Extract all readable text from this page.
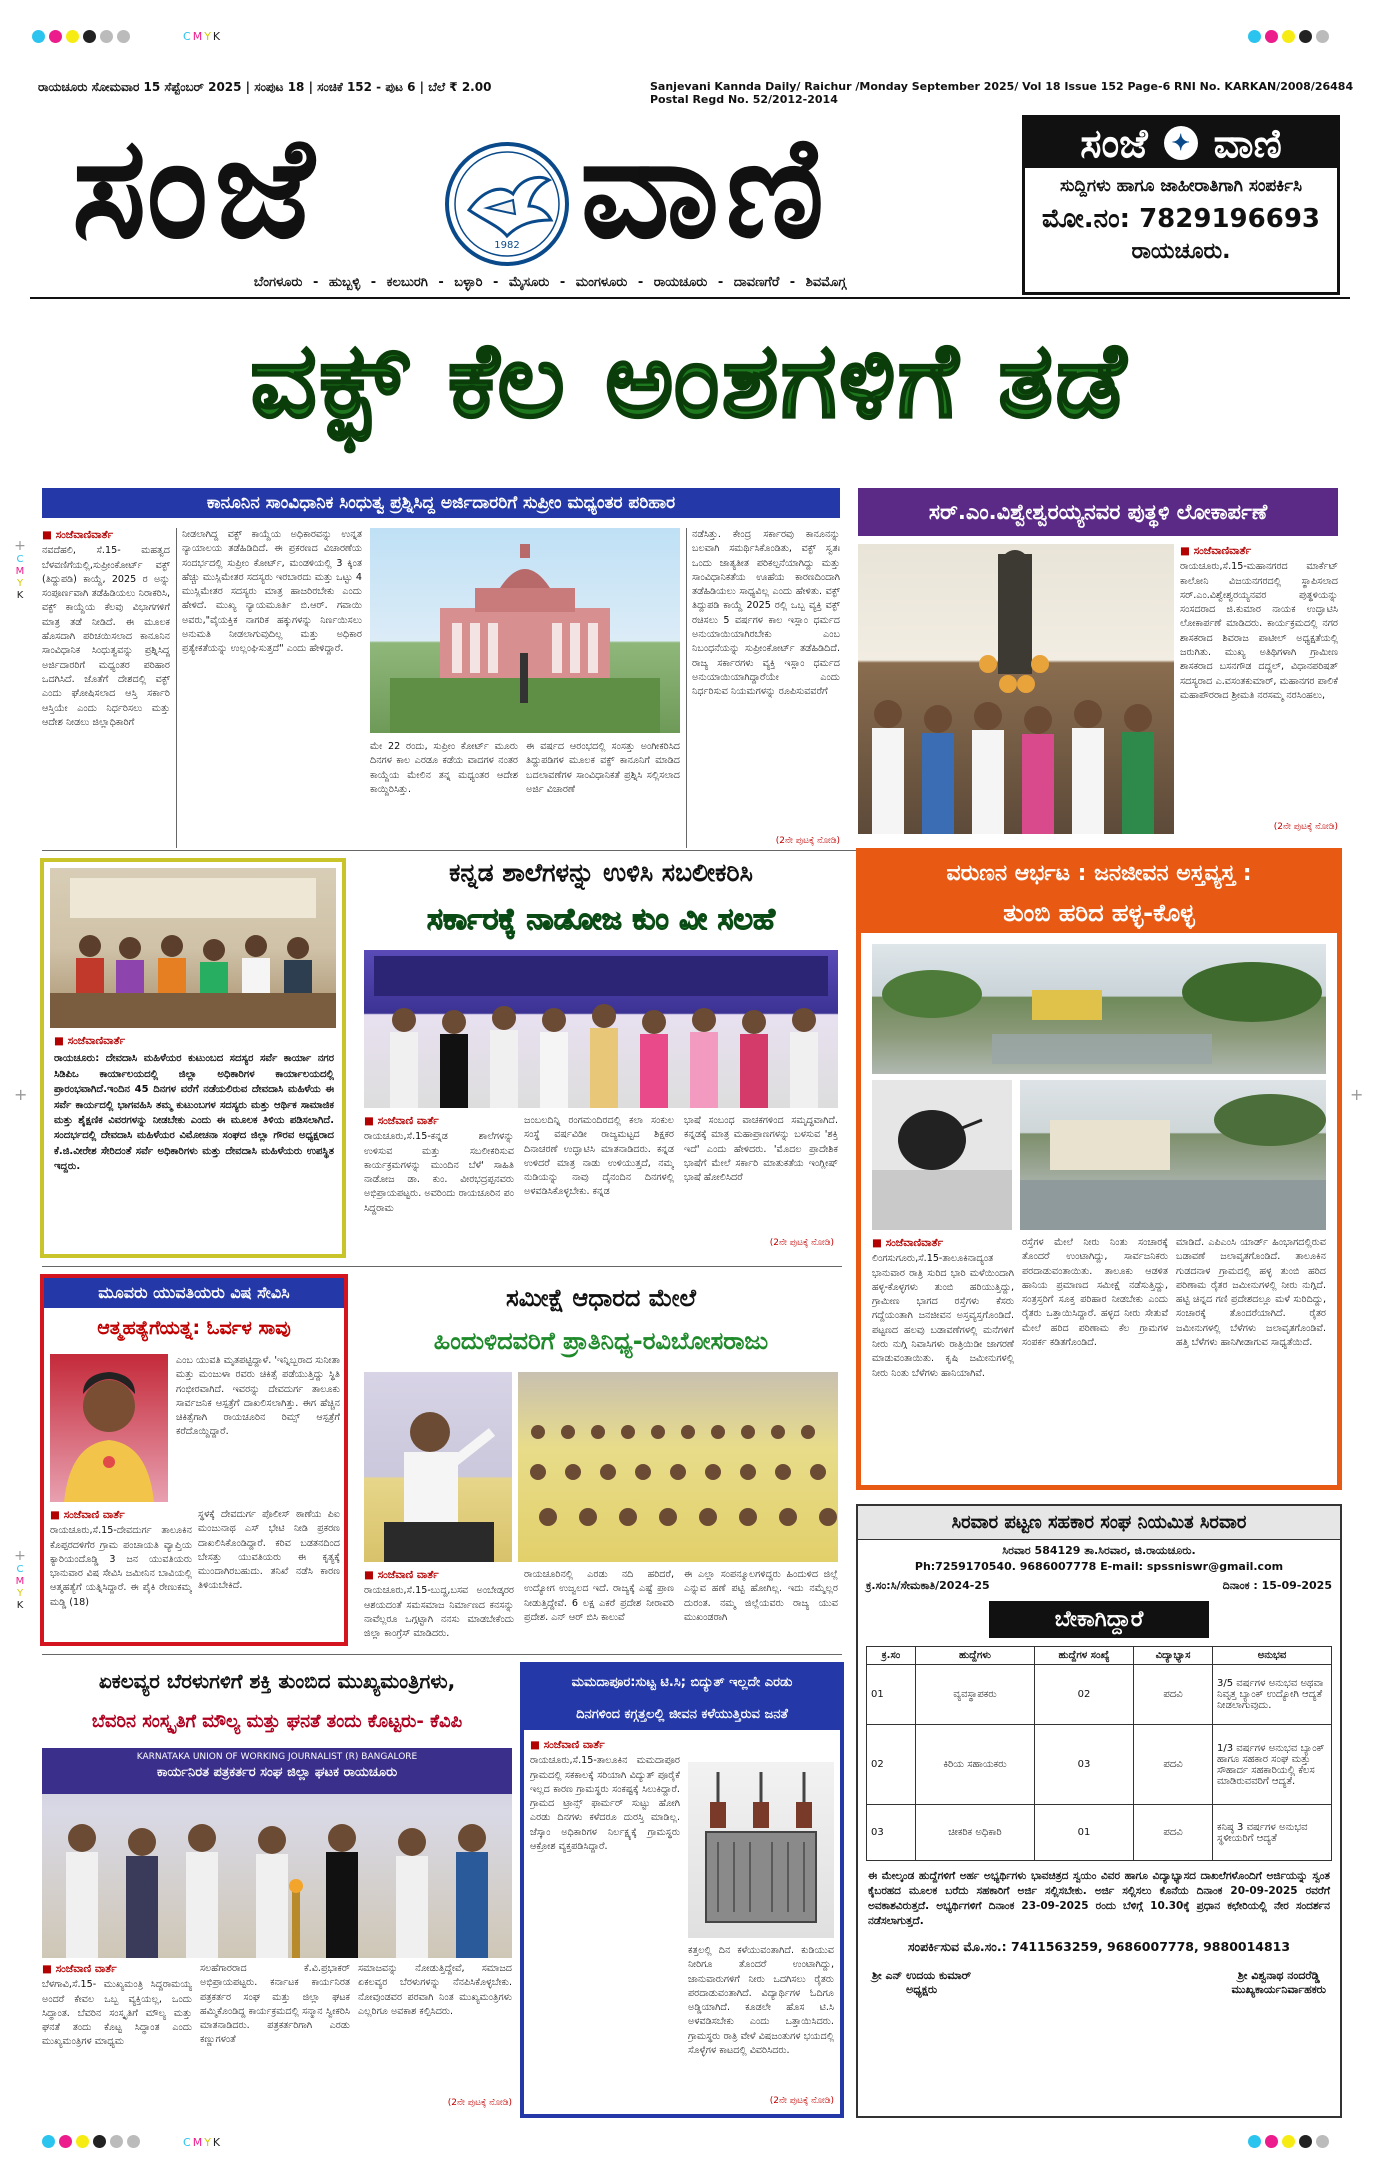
CMYK
CMYK
+
C
M
Y
K
+
C
M
Y
K
+	+
ರಾಯಚೂರು ಸೋಮವಾರ 15 ಸೆಪ್ಟೆಂಬರ್ 2025 | ಸಂಪುಟ 18 | ಸಂಚಿಕೆ 152 - ಪುಟ 6 | ಬೆಲೆ ₹ 2.00	Sanjevani Kannda Daily/ Raichur /Monday September 2025/ Vol 18 Issue 152 Page-6 RNI No. KARKAN/2008/26484 Postal Regd No. 52/2012-2014
ಸಂಜೆ	1982 ವಾಣಿ	ಸಂಜೆ	✦ ವಾಣಿ
ಸುದ್ದಿಗಳು ಹಾಗೂ ಜಾಹೀರಾತಿಗಾಗಿ ಸಂಪರ್ಕಿಸಿ
ಮೋ.ನಂ: 7829196693
ರಾಯಚೂರು.
ಬೆಂಗಳೂರು - ಹುಬ್ಬಳ್ಳಿ - ಕಲಬುರಗಿ - ಬಳ್ಳಾರಿ - ಮೈಸೂರು - ಮಂಗಳೂರು - ರಾಯಚೂರು - ದಾವಣಗೆರೆ - ಶಿವಮೊಗ್ಗ
ವಕ್ಫ್ ಕೆಲ ಅಂಶಗಳಿಗೆ ತಡೆ
ಕಾನೂನಿನ ಸಾಂವಿಧಾನಿಕ ಸಿಂಧುತ್ವ ಪ್ರಶ್ನಿಸಿದ್ದ ಅರ್ಜಿದಾರರಿಗೆ ಸುಪ್ರೀಂ ಮಧ್ಯಂತರ ಪರಿಹಾರ
■ ಸಂಜೆವಾಣಿವಾರ್ತೆ
ನವದೆಹಲಿ, ಸೆ.15- ಮಹತ್ವದ ಬೆಳವಣಿಗೆಯಲ್ಲಿ,ಸುಪ್ರೀಂಕೋರ್ಟ್ ವಕ್ಫ್ (ತಿದ್ದುಪಡಿ) ಕಾಯ್ದೆ, 2025 ರ ಅನ್ನು ಸಂಪೂರ್ಣವಾಗಿ ತಡೆಹಿಡಿಯಲು ನಿರಾಕರಿಸಿ, ವಕ್ಫ್ ಕಾಯ್ದೆಯ ಕೆಲವು ವಿಭಾಗಗಳಿಗೆ ಮಾತ್ರ ತಡೆ ನೀಡಿದೆ. ಈ ಮೂಲಕ ಹೊಸದಾಗಿ ಪರಿಚಯಿಸಲಾದ ಕಾನೂನಿನ ಸಾಂವಿಧಾನಿಕ ಸಿಂಧುತ್ವವನ್ನು ಪ್ರಶ್ನಿಸಿದ್ದ ಅರ್ಜಿದಾರರಿಗೆ ಮಧ್ಯಂತರ ಪರಿಹಾರ ಒದಗಿಸಿದೆ. ಜೊತೆಗೆ ದೇಶದಲ್ಲಿ ವಕ್ಫ್ ಎಂದು ಘೋಷಿಸಲಾದ ಆಸ್ತಿ ಸರ್ಕಾರಿ ಆಸ್ತಿಯೇ ಎಂದು ನಿರ್ಧರಿಸಲು ಮತ್ತು ಆದೇಶ ನೀಡಲು ಜಿಲ್ಲಾಧಿಕಾರಿಗೆ
ನೀಡಲಾಗಿದ್ದ ವಕ್ಫ್ ಕಾಯ್ದೆಯ ಅಧಿಕಾರವನ್ನು ಉನ್ನತ ನ್ಯಾಯಾಲಯ ತಡೆಹಿಡಿದಿದೆ. ಈ ಪ್ರಕರಣದ ವಿಚಾರಣೆಯ ಸಂದರ್ಭದಲ್ಲಿ ಸುಪ್ರೀಂ ಕೋರ್ಟ್, ಮಂಡಳಿಯಲ್ಲಿ 3 ಕ್ಕಿಂತ ಹೆಚ್ಚು ಮುಸ್ಲಿಮೇತರ ಸದಸ್ಯರು ಇರಬಾರದು ಮತ್ತು ಒಟ್ಟು 4 ಮುಸ್ಲಿಮೇತರ ಸದಸ್ಯರು ಮಾತ್ರ ಹಾಜರಿರಬೇಕು ಎಂದು ಹೇಳಿದೆ. ಮುಖ್ಯ ನ್ಯಾಯಮೂರ್ತಿ ಬಿ.ಆರ್. ಗವಾಯಿ ಅವರು,"ವೈಯಕ್ತಿಕ ನಾಗರಿಕ ಹಕ್ಕುಗಳನ್ನು ನಿರ್ಣಯಿಸಲು ಅನುಮತಿ ನೀಡಲಾಗುವುದಿಲ್ಲ ಮತ್ತು ಅಧಿಕಾರ ಪ್ರತ್ಯೇಕತೆಯನ್ನು ಉಲ್ಲಂಘಿಸುತ್ತದೆ" ಎಂದು ಹೇಳಿದ್ದಾರೆ.
ಮೇ 22 ರಂದು, ಸುಪ್ರೀಂ ಕೋರ್ಟ್ ಮೂರು ದಿನಗಳ ಕಾಲ ಎರಡೂ ಕಡೆಯ ವಾದಗಳ ನಂತರ ಕಾಯ್ದೆಯ ಮೇಲಿನ ತನ್ನ ಮಧ್ಯಂತರ ಆದೇಶ ಕಾಯ್ದಿರಿಸಿತ್ತು.
ಈ ವರ್ಷದ ಆರಂಭದಲ್ಲಿ ಸಂಸತ್ತು ಅಂಗೀಕರಿಸಿದ ತಿದ್ದುಪಡಿಗಳ ಮೂಲಕ ವಕ್ಫ್ ಕಾನೂನಿಗೆ ಮಾಡಿದ ಬದಲಾವಣೆಗಳ ಸಾಂವಿಧಾನಿಕತೆ ಪ್ರಶ್ನಿಸಿ ಸಲ್ಲಿಸಲಾದ ಅರ್ಜಿ ವಿಚಾರಣೆ
ನಡೆಸಿತ್ತು. ಕೇಂದ್ರ ಸರ್ಕಾರವು ಕಾನೂನನ್ನು ಬಲವಾಗಿ ಸಮರ್ಥಿಸಿಕೊಂಡಿತು, ವಕ್ಫ್ ಸ್ವತಃ ಒಂದು ಜಾತ್ಯತೀತ ಪರಿಕಲ್ಪನೆಯಾಗಿದ್ದು ಮತ್ತು ಸಾಂವಿಧಾನಿಕತೆಯ ಊಹೆಯ ಕಾರಣದಿಂದಾಗಿ ತಡೆಹಿಡಿಯಲು ಸಾಧ್ಯವಿಲ್ಲ ಎಂದು ಹೇಳಿತು. ವಕ್ಫ್ ತಿದ್ದುಪಡಿ ಕಾಯ್ದೆ 2025 ರಲ್ಲಿ ಒಬ್ಬ ವ್ಯಕ್ತಿ ವಕ್ಫ್ ರಚಿಸಲು 5 ವರ್ಷಗಳ ಕಾಲ ಇಸ್ಲಾಂ ಧರ್ಮದ ಅನುಯಾಯಿಯಾಗಿರಬೇಕು ಎಂಬ ನಿಬಂಧನೆಯನ್ನು ಸುಪ್ರೀಂಕೋರ್ಟ್ ತಡೆಹಿಡಿದಿದೆ. ರಾಜ್ಯ ಸರ್ಕಾರಗಳು ವ್ಯಕ್ತಿ ಇಸ್ಲಾಂ ಧರ್ಮದ ಅನುಯಾಯಿಯಾಗಿದ್ದಾರೆಯೇ ಎಂದು ನಿರ್ಧರಿಸುವ ನಿಯಮಗಳನ್ನು ರೂಪಿಸುವವರೆಗೆ
(2ನೇ ಪುಟಕ್ಕೆ ನೋಡಿ)
ಸರ್.ಎಂ.ವಿಶ್ವೇಶ್ವರಯ್ಯನವರ ಪುತ್ಥಳಿ ಲೋಕಾರ್ಪಣೆ
■ ಸಂಜೆವಾಣಿವಾರ್ತೆ
ರಾಯಚೂರು,ಸೆ.15-ಮಹಾನಗರದ ಮಾರ್ಕೆಟ್ ಕಾಲೋನಿ ವಿಜಯನಗರದಲ್ಲಿ ಸ್ಥಾಪಿಸಲಾದ ಸರ್.ಎಂ.ವಿಶ್ವೇಶ್ವರಯ್ಯನವರ ಪುತ್ಥಳಿಯನ್ನು ಸಂಸದರಾದ ಜಿ.ಕುಮಾರ ನಾಯಕ ಉದ್ಘಾಟಿಸಿ ಲೋಕಾರ್ಪಣೆ ಮಾಡಿದರು. ಕಾರ್ಯಕ್ರಮದಲ್ಲಿ ನಗರ ಶಾಸಕರಾದ ಶಿವರಾಜ ಪಾಟೀಲ್ ಅಧ್ಯಕ್ಷತೆಯಲ್ಲಿ ಜರುಗಿತು. ಮುಖ್ಯ ಅತಿಥಿಗಳಾಗಿ ಗ್ರಾಮೀಣ ಶಾಸಕರಾದ ಬಸನಗೌಡ ದದ್ದಲ್, ವಿಧಾನಪರಿಷತ್ ಸದಸ್ಯರಾದ ಎ.ವಸಂತಕುಮಾರ್, ಮಹಾನಗರ ಪಾಲಿಕೆ ಮಹಾಪೌರರಾದ ಶ್ರೀಮತಿ ನರಸಮ್ಮ ನರಸಿಂಹಲು,
(2ನೇ ಪುಟಕ್ಕೆ ನೋಡಿ)
■ ಸಂಜೆವಾಣಿವಾರ್ತೆ
ರಾಯಚೂರು: ದೇವದಾಸಿ ಮಹಿಳೆಯರ ಕುಟುಂಬದ ಸದಸ್ಯರ ಸರ್ವೆ ಕಾರ್ಯಾ ನಗರ ಸಿಡಿಪಿಒ ಕಾರ್ಯಾಲಯದಲ್ಲಿ ಜಿಲ್ಲಾ ಅಧಿಕಾರಿಗಳ ಕಾರ್ಯಾಲಯದಲ್ಲಿ ಪ್ರಾರಂಭವಾಗಿದೆ.ಇಂದಿನ 45 ದಿನಗಳ ವರೆಗೆ ನಡೆಯಲಿರುವ ದೇವದಾಸಿ ಮಹಿಳೆಯ ಈ ಸರ್ವೆ ಕಾರ್ಯದಲ್ಲಿ ಭಾಗವಹಿಸಿ ತಮ್ಮ ಕುಟುಂಬಗಳ ಸದಸ್ಯರು ಮತ್ತು ಆರ್ಥಿಕ ಸಾಮಾಜಿಕ ಮತ್ತು ಶೈಕ್ಷಣಿಕ ವಿವರಗಳನ್ನು ನೀಡಬೇಕು ಎಂದು ಈ ಮೂಲಕ ತಿಳಿಯ ಪಡಿಸಲಾಗಿದೆ. ಸಂದರ್ಭದಲ್ಲಿ ದೇವದಾಸಿ ಮಹಿಳೆಯರ ವಿಮೋಚನಾ ಸಂಘದ ಜಿಲ್ಲಾ ಗೌರವ ಅಧ್ಯಕ್ಷರಾದ ಕೆ.ಜಿ.ವೀರೇಶ ಸೇರಿದಂತೆ ಸರ್ವೆ ಅಧಿಕಾರಿಗಳು ಮತ್ತು ದೇವದಾಸಿ ಮಹಿಳೆಯರು ಉಪಸ್ಥಿತ ಇದ್ದರು.
ಕನ್ನಡ ಶಾಲೆಗಳನ್ನು ಉಳಿಸಿ ಸಬಲೀಕರಿಸಿ
ಸರ್ಕಾರಕ್ಕೆ ನಾಡೋಜ ಕುಂ ವೀ ಸಲಹೆ
■ ಸಂಜೆವಾಣಿ ವಾರ್ತೆ
ರಾಯಚೂರು,ಸೆ.15-ಕನ್ನಡ ಶಾಲೆಗಳನ್ನು ಉಳಿಸುವ ಮತ್ತು ಸಬಲೀಕರಿಸುವ ಕಾರ್ಯಕ್ರಮಗಳನ್ನು ಮುಂದಿನ ಬೆಳೆ' ಸಾಹಿತಿ ನಾಡೋಜ ಡಾ. ಕುಂ. ವೀರಭದ್ರಪ್ಪನವರು ಅಭಿಪ್ರಾಯಪಟ್ಟರು. ಅವರಿಂದು ರಾಯಚೂರಿನ ಪಂ ಸಿದ್ದರಾಮ
ಜಂಬಲದಿನ್ನಿ ರಂಗಮಂದಿರದಲ್ಲಿ ಕಲಾ ಸಂಕುಲ ಸಂಸ್ಥೆ ವರ್ಷವಿಡೀ ರಾಜ್ಯಮಟ್ಟದ ಶಿಕ್ಷಕರ ದಿನಾಚರಣೆ ಉದ್ಘಾಟಿಸಿ ಮಾತನಾಡಿದರು. ಕನ್ನಡ ಉಳಿದರೆ ಮಾತ್ರ ನಾಡು ಉಳಿಯುತ್ತದೆ, ನಮ್ಮ ನುಡಿಯನ್ನು ನಾವು ದೈನಂದಿನ ದಿನಗಳಲ್ಲಿ ಅಳವಡಿಸಿಕೊಳ್ಳಬೇಕು. ಕನ್ನಡ
ಭಾಷೆ ಸಂಬಂಧ ವಾಚಕಗಳಿಂದ ಸಮೃದ್ಧವಾಗಿದೆ. ಕನ್ನಡಕ್ಕೆ ಮಾತ್ರ ಮಹಾಪ್ರಾಣಗಳನ್ನು ಬಳಸುವ 'ಶಕ್ತಿ ಇದೆ' ಎಂದು ಹೇಳಿದರು. 'ಮೊದಲ ಪ್ರಾದೇಶಿಕ ಭಾಷೆಗೆ ಮೇಲೆ ಸರ್ಕಾರಿ ಮಾತುಕತೆಯ ಇಂಗ್ಲೀಷ್ ಭಾಷೆ ಹೋಲಿಸಿದರೆ
(2ನೇ ಪುಟಕ್ಕೆ ನೋಡಿ)
ವರುಣನ ಆರ್ಭಟ : ಜನಜೀವನ ಅಸ್ತವ್ಯಸ್ತ :
ತುಂಬಿ ಹರಿದ ಹಳ್ಳ-ಕೊಳ್ಳ
■ ಸಂಜೆವಾಣಿವಾರ್ತೆ
ಲಿಂಗಸುಗೂರು,ಸೆ.15-ತಾಲೂಕಿನಾದ್ಯಂತ ಭಾನುವಾರ ರಾತ್ರಿ ಸುರಿದ ಭಾರಿ ಮಳೆಯಿಂದಾಗಿ ಹಳ್ಳ-ಕೊಳ್ಳಗಳು ತುಂಬಿ ಹರಿಯುತ್ತಿದ್ದು, ಗ್ರಾಮೀಣ ಭಾಗದ ರಸ್ತೆಗಳು ಕೆಸರು ಗದ್ದೆಯಂತಾಗಿ ಜನಜೀವನ ಅಸ್ತವ್ಯಸ್ತಗೊಂಡಿದೆ. ಪಟ್ಟಣದ ಹಲವು ಬಡಾವಣೆಗಳಲ್ಲಿ ಮನೆಗಳಿಗೆ ನೀರು ನುಗ್ಗಿ ನಿವಾಸಿಗಳು ರಾತ್ರಿಯಿಡೀ ಜಾಗರಣೆ ಮಾಡುವಂತಾಯಿತು. ಕೃಷಿ ಜಮೀನುಗಳಲ್ಲಿ ನೀರು ನಿಂತು ಬೆಳೆಗಳು ಹಾನಿಯಾಗಿವೆ.
ರಸ್ತೆಗಳ ಮೇಲೆ ನೀರು ನಿಂತು ಸಂಚಾರಕ್ಕೆ ತೊಂದರೆ ಉಂಟಾಗಿದ್ದು, ಸಾರ್ವಜನಿಕರು ಪರದಾಡುವಂತಾಯಿತು. ತಾಲೂಕು ಆಡಳಿತ ಹಾನಿಯ ಪ್ರಮಾಣದ ಸಮೀಕ್ಷೆ ನಡೆಸುತ್ತಿದ್ದು, ಸಂತ್ರಸ್ತರಿಗೆ ಸೂಕ್ತ ಪರಿಹಾರ ನೀಡಬೇಕು ಎಂದು ರೈತರು ಒತ್ತಾಯಿಸಿದ್ದಾರೆ. ಹಳ್ಳದ ನೀರು ಸೇತುವೆ ಮೇಲೆ ಹರಿದ ಪರಿಣಾಮ ಕೆಲ ಗ್ರಾಮಗಳ ಸಂಪರ್ಕ ಕಡಿತಗೊಂಡಿದೆ.
ಮಾಡಿದೆ. ಎಪಿಎಂಸಿ ಯಾರ್ಡ್ ಹಿಂಭಾಗದಲ್ಲಿರುವ ಬಡಾವಣೆ ಜಲಾವೃತಗೊಂಡಿದೆ. ತಾಲೂಕಿನ ಗುಡದನಾಳ ಗ್ರಾಮದಲ್ಲಿ ಹಳ್ಳ ತುಂಬಿ ಹರಿದ ಪರಿಣಾಮ ರೈತರ ಜಮೀನುಗಳಲ್ಲಿ ನೀರು ನುಗ್ಗಿದೆ. ಹಟ್ಟಿ ಚಿನ್ನದ ಗಣಿ ಪ್ರದೇಶದಲ್ಲೂ ಮಳೆ ಸುರಿದಿದ್ದು, ಸಂಚಾರಕ್ಕೆ ತೊಂದರೆಯಾಗಿದೆ. ರೈತರ ಜಮೀನುಗಳಲ್ಲಿ ಬೆಳೆಗಳು ಜಲಾವೃತಗೊಂಡಿವೆ. ಹತ್ತಿ ಬೆಳೆಗಳು ಹಾನಿಗೀಡಾಗುವ ಸಾಧ್ಯತೆಯಿದೆ.
ಮೂವರು ಯುವತಿಯರು ವಿಷ ಸೇವಿಸಿ
ಆತ್ಮಹತ್ಯೆಗೆಯತ್ನ: ಓರ್ವಳ ಸಾವು
ಎಂಬ ಯುವತಿ ಮೃತಪಟ್ಟಿದ್ದಾಳೆ. 'ಇನ್ನಿಬ್ಬರಾದ ಸುನೀತಾ ಮತ್ತು ಮಂಜುಳಾ ರವರು ಚಿಕಿತ್ಸೆ ಪಡೆಯುತ್ತಿದ್ದು ಸ್ಥಿತಿ ಗಂಭೀರವಾಗಿದೆ. ಇವರನ್ನು ದೇವದುರ್ಗ ತಾಲೂಕು ಸಾರ್ವಜನಿಕ ಆಸ್ಪತ್ರೆಗೆ ದಾಖಲಿಸಲಾಗಿತ್ತು. ಈಗ ಹೆಚ್ಚಿನ ಚಿಕಿತ್ಸೆಗಾಗಿ ರಾಯಚೂರಿನ ರಿಮ್ಸ್ ಆಸ್ಪತ್ರೆಗೆ ಕರೆದೊಯ್ದಿದ್ದಾರೆ.
■ ಸಂಜೆವಾಣಿ ವಾರ್ತೆ
ರಾಯಚೂರು,ಸೆ.15-ದೇವದುರ್ಗ ತಾಲೂಕಿನ ಕೊಪ್ಪರದಳಿಗೆರ ಗ್ರಾಮ ಪಂಚಾಯತಿ ವ್ಯಾಪ್ತಿಯ ಕ್ಯಾರಿಯಂದೊಡ್ಡಿ 3 ಜನ ಯುವತಿಯರು ಭಾನುವಾರ ವಿಷ ಸೇವಿಸಿ ಜಮೀನಿನ ಬಾವಿಯಲ್ಲಿ ಆತ್ಮಹತ್ಯೆಗೆ ಯತ್ನಿಸಿದ್ದಾರೆ. ಈ ಪೈಕಿ ರೇಣುಕಮ್ಮ ಮಡ್ಡಿ (18)
ಸ್ಥಳಕ್ಕೆ ದೇವದುರ್ಗ ಪೊಲೀಸ್ ಠಾಣೆಯ ಪಿಐ ಮಂಜುನಾಥ ಎಸ್ ಭೇಟಿ ನೀಡಿ ಪ್ರಕರಣ ದಾಖಲಿಸಿಕೊಂಡಿದ್ದಾರೆ. ಕರಿವ ಬಡತನದಿಂದ ಬೇಸತ್ತು ಯುವತಿಯರು ಈ ಕೃತ್ಯಕ್ಕೆ ಮುಂದಾಗಿರಬಹುದು. ತನಿಖೆ ನಡೆಸಿ ಕಾರಣ ತಿಳಿಯಬೇಕಿದೆ.
ಸಮೀಕ್ಷೆ ಆಧಾರದ ಮೇಲೆ
ಹಿಂದುಳಿದವರಿಗೆ ಪ್ರಾತಿನಿಧ್ಯ-ರವಿಬೋಸರಾಜು
■ ಸಂಜೆವಾಣಿ ವಾರ್ತೆ
ರಾಯಚೂರು,ಸೆ.15-ಬುದ್ದ,ಬಸವ ಅಂಬೇಡ್ಕರರ ಆಶಯದಂತೆ ಸಮಸಮಾಜ ನಿರ್ಮಾಣದ ಕನಸನ್ನು ನಾವೆಲ್ಲರೂ ಒಗ್ಗಟ್ಟಾಗಿ ನನಸು ಮಾಡಬೇಕೆಂದು ಜಿಲ್ಲಾ ಕಾಂಗ್ರೆಸ್ ಮಾಡಿದರು.
ರಾಯಚೂರಿನಲ್ಲಿ ಎರಡು ನದಿ ಹರಿದರೆ, ಉದ್ಯೋಗ ಉಜ್ವಲದ ಇದೆ. ರಾಜ್ಯಕ್ಕೆ ಎಷ್ಟೆ ಪ್ರಾಣ ನೀಡುತ್ತಿದ್ದೇವೆ. 6 ಲಕ್ಷ ಎಕರೆ ಪ್ರದೇಶ ನೀರಾವರಿ ಪ್ರದೇಶ. ಎನ್ ಆರ್ ಬಿಸಿ ಕಾಲುವೆ
ಈ ಎಲ್ಲಾ ಸಂಪನ್ಮೂಲಗಳಿದ್ದರು ಹಿಂದುಳಿದ ಜಿಲ್ಲೆ ಎನ್ನುವ ಹಣೆ ಪಟ್ಟಿ ಹೋಗಿಲ್ಲ. ಇದು ನಮ್ಮೆಲ್ಲರ ದುರಂತ. ನಮ್ಮ ಜಿಲ್ಲೆಯವರು ರಾಜ್ಯ ಯುವ ಮುಖಂಡರಾಗಿ
ಸಿರವಾರ ಪಟ್ಟಣ ಸಹಕಾರ ಸಂಘ ನಿಯಮಿತ ಸಿರವಾರ
ಸಿರವಾರ 584129 ತಾ.ಸಿರವಾರ, ಜಿ.ರಾಯಚೂರು.
Ph:7259170540. 9686007778 E-mail: spssniswr@gmail.com
ಕ್ರ.ಸಂ:ಸಿ/ಸೇಮಕಾತಿ/2024-25	ದಿನಾಂಕ : 15-09-2025
ಬೇಕಾಗಿದ್ದಾರೆ
ಕ್ರ.ಸಂ	ಹುದ್ದೆಗಳು	ಹುದ್ದೆಗಳ ಸಂಖ್ಯೆ	ವಿದ್ಯಾಭ್ಯಾಸ	ಅನುಭವ
01	ವ್ಯವಸ್ಥಾಪಕರು	02	ಪದವಿ	3/5 ವರ್ಷಗಳ ಅನುಭವ ಅಥವಾ ನಿವೃತ್ತ ಬ್ಯಾಂಕ್ ಉದ್ಯೋಗಿ ಆದ್ಯತೆ ನೀಡಲಾಗುವುದು.
02	ಕಿರಿಯ ಸಹಾಯಕರು	03	ಪದವಿ	1/3 ವರ್ಷಗಳ ಅನುಭವ ಬ್ಯಾಂಕ್ ಹಾಗೂ ಸಹಕಾರ ಸಂಘ ಮತ್ತು ಸೌಹಾರ್ದ ಸಹಕಾರಿಯಲ್ಲಿ ಕೆಲಸ ಮಾಡಿರುವವರಿಗೆ ಆದ್ಯತೆ.
03	ಚೀಕರಿಕ ಅಧಿಕಾರಿ	01	ಪದವಿ	ಕನಿಷ್ಠ 3 ವರ್ಷಗಳ ಅನುಭವ ಸ್ಥಳೀಯರಿಗೆ ಆದ್ಯತೆ
ಈ ಮೇಲ್ಕಂಡ ಹುದ್ದೆಗಳಿಗೆ ಅರ್ಹ ಅಭ್ಯರ್ಥಿಗಳು ಭಾವಚಿತ್ರದ ಸ್ವಯಂ ವಿವರ ಹಾಗೂ ವಿದ್ಯಾಭ್ಯಾಸದ ದಾಖಲೆಗಳೊಂದಿಗೆ ಅರ್ಜಿಯನ್ನು ಸ್ವಂತ ಕೈಬರಹದ ಮೂಲಕ ಬರೆದು ಸಹಕಾರಿಗೆ ಅರ್ಜಿ ಸಲ್ಲಿಸಬೇಕು. ಅರ್ಜಿ ಸಲ್ಲಿಸಲು ಕೊನೆಯ ದಿನಾಂಕ 20-09-2025 ರವರೆಗೆ ಅವಕಾಶವಿರುತ್ತದೆ. ಅಭ್ಯರ್ಥಿಗಳಿಗೆ ದಿನಾಂಕ 23-09-2025 ರಂದು ಬೆಳಿಗ್ಗೆ 10.30ಕ್ಕೆ ಪ್ರಧಾನ ಕಛೇರಿಯಲ್ಲಿ ನೇರ ಸಂದರ್ಶನ ನಡೆಸಲಾಗುತ್ತದೆ.
ಸಂಪರ್ಕಿಸುವ ಮೊ.ಸಂ.: 7411563259, 9686007778, 9880014813
ಶ್ರೀ ಎನ್ ಉದಯ ಕುಮಾರ್
ಅಧ್ಯಕ್ಷರು
ಶ್ರೀ ವಿಶ್ವನಾಥ ನಂದರೆಡ್ಡಿ
ಮುಖ್ಯಕಾರ್ಯನಿರ್ವಾಹಕರು
ಏಕಲವ್ಯರ ಬೆರಳುಗಳಿಗೆ ಶಕ್ತಿ ತುಂಬಿದ ಮುಖ್ಯಮಂತ್ರಿಗಳು,
ಬೆವರಿನ ಸಂಸ್ಕೃತಿಗೆ ಮೌಲ್ಯ ಮತ್ತು ಘನತೆ ತಂದು ಕೊಟ್ಟರು- ಕೆವಿಪಿ
KARNATAKA UNION OF WORKING JOURNALIST (R) BANGALORE
ಕಾರ್ಯನಿರತ ಪತ್ರಕರ್ತರ ಸಂಘ ಜಿಲ್ಲಾ ಘಟಕ ರಾಯಚೂರು
■ ಸಂಜೆವಾಣಿ ವಾರ್ತೆ
ಬೆಳಗಾವಿ,ಸೆ.15- ಮುಖ್ಯಮಂತ್ರಿ ಸಿದ್ದರಾಮಯ್ಯ ಅಂದರೆ ಕೇವಲ ಒಬ್ಬ ವ್ಯಕ್ತಿಯಲ್ಲ, ಒಂದು ಸಿದ್ಧಾಂತ. ಬೆವರಿನ ಸಂಸ್ಕೃತಿಗೆ ಮೌಲ್ಯ ಮತ್ತು ಘನತೆ ತಂದು ಕೊಟ್ಟ ಸಿದ್ಧಾಂತ ಎಂದು ಮುಖ್ಯಮಂತ್ರಿಗಳ ಮಾಧ್ಯಮ
ಸಲಹೆಗಾರರಾದ ಕೆ.ವಿ.ಪ್ರಭಾಕರ್ ಅಭಿಪ್ರಾಯಪಟ್ಟರು. ಕರ್ನಾಟಕ ಕಾರ್ಯನಿರತ ಪತ್ರಕರ್ತರ ಸಂಘ ಮತ್ತು ಜಿಲ್ಲಾ ಘಟಕ ಹಮ್ಮಿಕೊಂಡಿದ್ದ ಕಾರ್ಯಕ್ರಮದಲ್ಲಿ ಸನ್ಮಾನ ಸ್ವೀಕರಿಸಿ ಮಾತನಾಡಿದರು. ಪತ್ರಕರ್ತರಿಗಾಗಿ ಎರಡು ಕಣ್ಣುಗಳಂತೆ
ಸಮಾಜವನ್ನು ನೋಡುತ್ತಿದ್ದೇವೆ, ಸಮಾಜದ ಏಕಲವ್ಯರ ಬೆರಳುಗಳನ್ನು ನೆನಪಿಸಿಕೊಳ್ಳಬೇಕು. ನೋವುಂಡವರ ಪರವಾಗಿ ನಿಂತ ಮುಖ್ಯಮಂತ್ರಿಗಳು ಎಲ್ಲರಿಗೂ ಅವಕಾಶ ಕಲ್ಪಿಸಿದರು.
(2ನೇ ಪುಟಕ್ಕೆ ನೋಡಿ)
ಮಮದಾಪೂರ:ಸುಟ್ಟ ಟಿ.ಸಿ; ಬಿದ್ಯುತ್ ಇಲ್ಲದೇ ಎರಡು
ದಿನಗಳಿಂದ ಕಗ್ಗತ್ತಲಲ್ಲಿ ಜೀವನ ಕಳೆಯುತ್ತಿರುವ ಜನತೆ
■ ಸಂಜೆವಾಣಿ ವಾರ್ತೆ
ರಾಯಚೂರು,ಸೆ.15-ತಾಲೂಕಿನ ಮಮದಾಪೂರ ಗ್ರಾಮದಲ್ಲಿ ಸಕಕಾಲಕ್ಕೆ ಸರಿಯಾಗಿ ವಿದ್ಯುತ್ ಪೂರೈಕೆ ಇಲ್ಲದ ಕಾರಣ ಗ್ರಾಮಸ್ಥರು ಸಂಕಷ್ಟಕ್ಕೆ ಸಿಲುಕಿದ್ದಾರೆ. ಗ್ರಾಮದ ಟ್ರಾನ್ಸ್ ಫಾರ್ಮರ್ ಸುಟ್ಟು ಹೋಗಿ ಎರಡು ದಿನಗಳು ಕಳೆದರೂ ದುರಸ್ತಿ ಮಾಡಿಲ್ಲ. ಜೆಸ್ಕಾಂ ಅಧಿಕಾರಿಗಳ ನಿರ್ಲಕ್ಷ್ಯಕ್ಕೆ ಗ್ರಾಮಸ್ಥರು ಆಕ್ರೋಶ ವ್ಯಕ್ತಪಡಿಸಿದ್ದಾರೆ.
ಕತ್ತಲಲ್ಲಿ ದಿನ ಕಳೆಯುವಂತಾಗಿದೆ. ಕುಡಿಯುವ ನೀರಿಗೂ ತೊಂದರೆ ಉಂಟಾಗಿದ್ದು, ಜಾನುವಾರುಗಳಿಗೆ ನೀರು ಒದಗಿಸಲು ರೈತರು ಪರದಾಡುವಂತಾಗಿದೆ. ವಿದ್ಯಾರ್ಥಿಗಳ ಓದಿಗೂ ಅಡ್ಡಿಯಾಗಿದೆ. ಕೂಡಲೇ ಹೊಸ ಟಿ.ಸಿ ಅಳವಡಿಸಬೇಕು ಎಂದು ಒತ್ತಾಯಿಸಿದರು. ಗ್ರಾಮಸ್ಥರು ರಾತ್ರಿ ವೇಳೆ ವಿಷಜಂತುಗಳ ಭಯದಲ್ಲಿ ಸೊಳ್ಳೆಗಳ ಕಾಟದಲ್ಲಿ ವಿವರಿಸಿದರು.
(2ನೇ ಪುಟಕ್ಕೆ ನೋಡಿ)
